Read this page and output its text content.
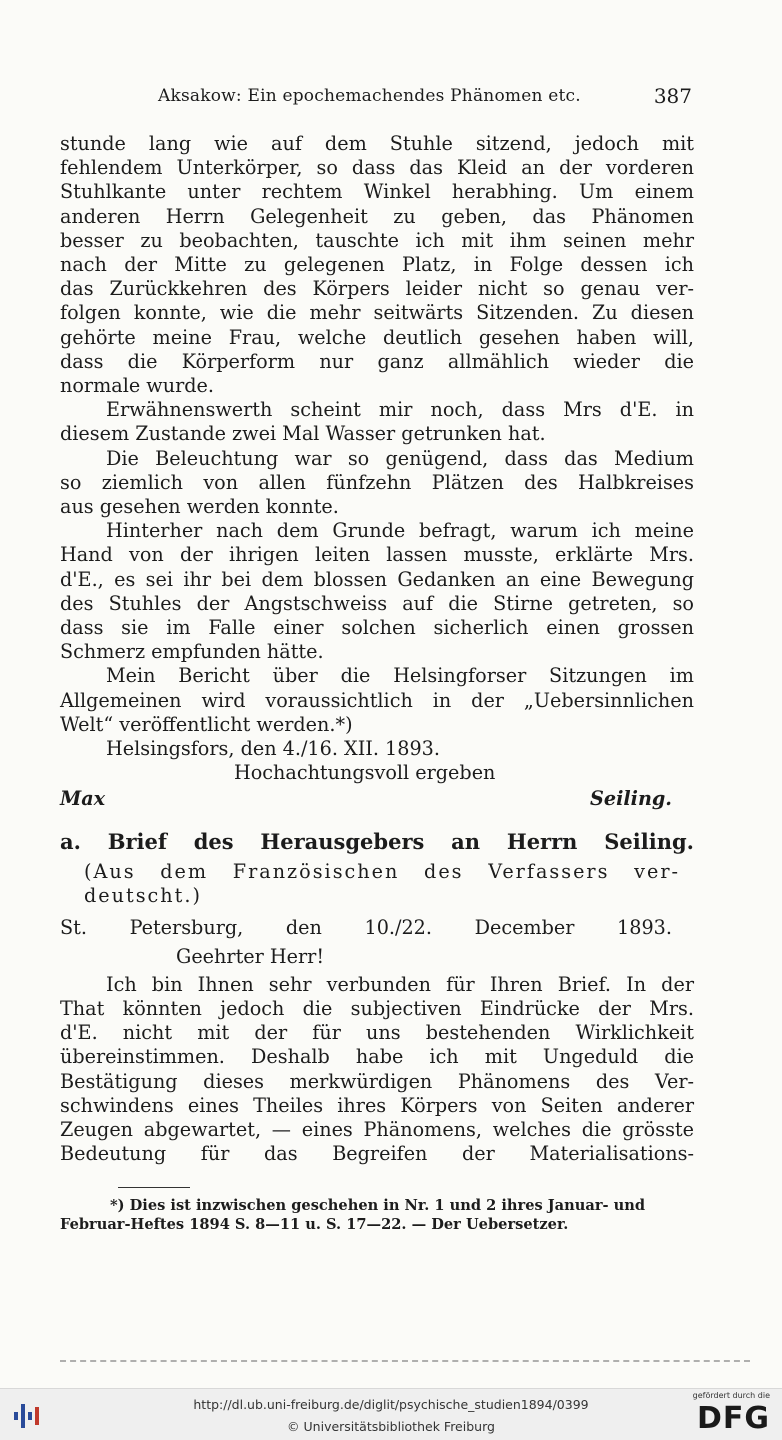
Aksakow: Ein epochemachendes Phänomen etc.	387

stunde lang wie auf dem Stuhle sitzend, jedoch mit
fehlendem Unterkörper, so dass das Kleid an der vorderen
Stuhlkante unter rechtem Winkel herabhing. Um einem
anderen Herrn Gelegenheit zu geben, das Phänomen
besser zu beobachten, tauschte ich mit ihm seinen mehr
nach der Mitte zu gelegenen Platz, in Folge dessen ich
das Zurückkehren des Körpers leider nicht so genau ver-
folgen konnte, wie die mehr seitwärts Sitzenden. Zu diesen
gehörte meine Frau, welche deutlich gesehen haben will,
dass die Körperform nur ganz allmählich wieder die
normale wurde.

Erwähnenswerth scheint mir noch, dass Mrs d'E. in
diesem Zustande zwei Mal Wasser getrunken hat.

Die Beleuchtung war so genügend, dass das Medium
so ziemlich von allen fünfzehn Plätzen des Halbkreises
aus gesehen werden konnte.

Hinterher nach dem Grunde befragt, warum ich meine
Hand von der ihrigen leiten lassen musste, erklärte Mrs.
d'E., es sei ihr bei dem blossen Gedanken an eine Bewegung
des Stuhles der Angstschweiss auf die Stirne getreten, so
dass sie im Falle einer solchen sicherlich einen grossen
Schmerz empfunden hätte.

Mein Bericht über die Helsingforser Sitzungen im
Allgemeinen wird voraussichtlich in der „Uebersinnlichen
Welt“ veröffentlicht werden.*)

Helsingsfors, den 4./16. XII. 1893.

Hochachtungsvoll ergeben

Max Seiling.

a. Brief des Herausgebers an Herrn Seiling.

(Aus dem Französischen des Verfassers ver-
deutscht.)

St. Petersburg, den 10./22. December 1893.

Geehrter Herr!

Ich bin Ihnen sehr verbunden für Ihren Brief. In der
That könnten jedoch die subjectiven Eindrücke der Mrs.
d'E. nicht mit der für uns bestehenden Wirklichkeit
übereinstimmen. Deshalb habe ich mit Ungeduld die
Bestätigung dieses merkwürdigen Phänomens des Ver-
schwindens eines Theiles ihres Körpers von Seiten anderer
Zeugen abgewartet, — eines Phänomens, welches die grösste
Bedeutung für das Begreifen der Materialisations-

*) Dies ist inzwischen geschehen in Nr. 1 und 2 ihres Januar- und
Februar-Heftes 1894 S. 8—11 u. S. 17—22. — Der Uebersetzer.
http://dl.ub.uni-freiburg.de/diglit/psychische_studien1894/0399
© Universitätsbibliothek Freiburg
gefördert durch die
DFG
